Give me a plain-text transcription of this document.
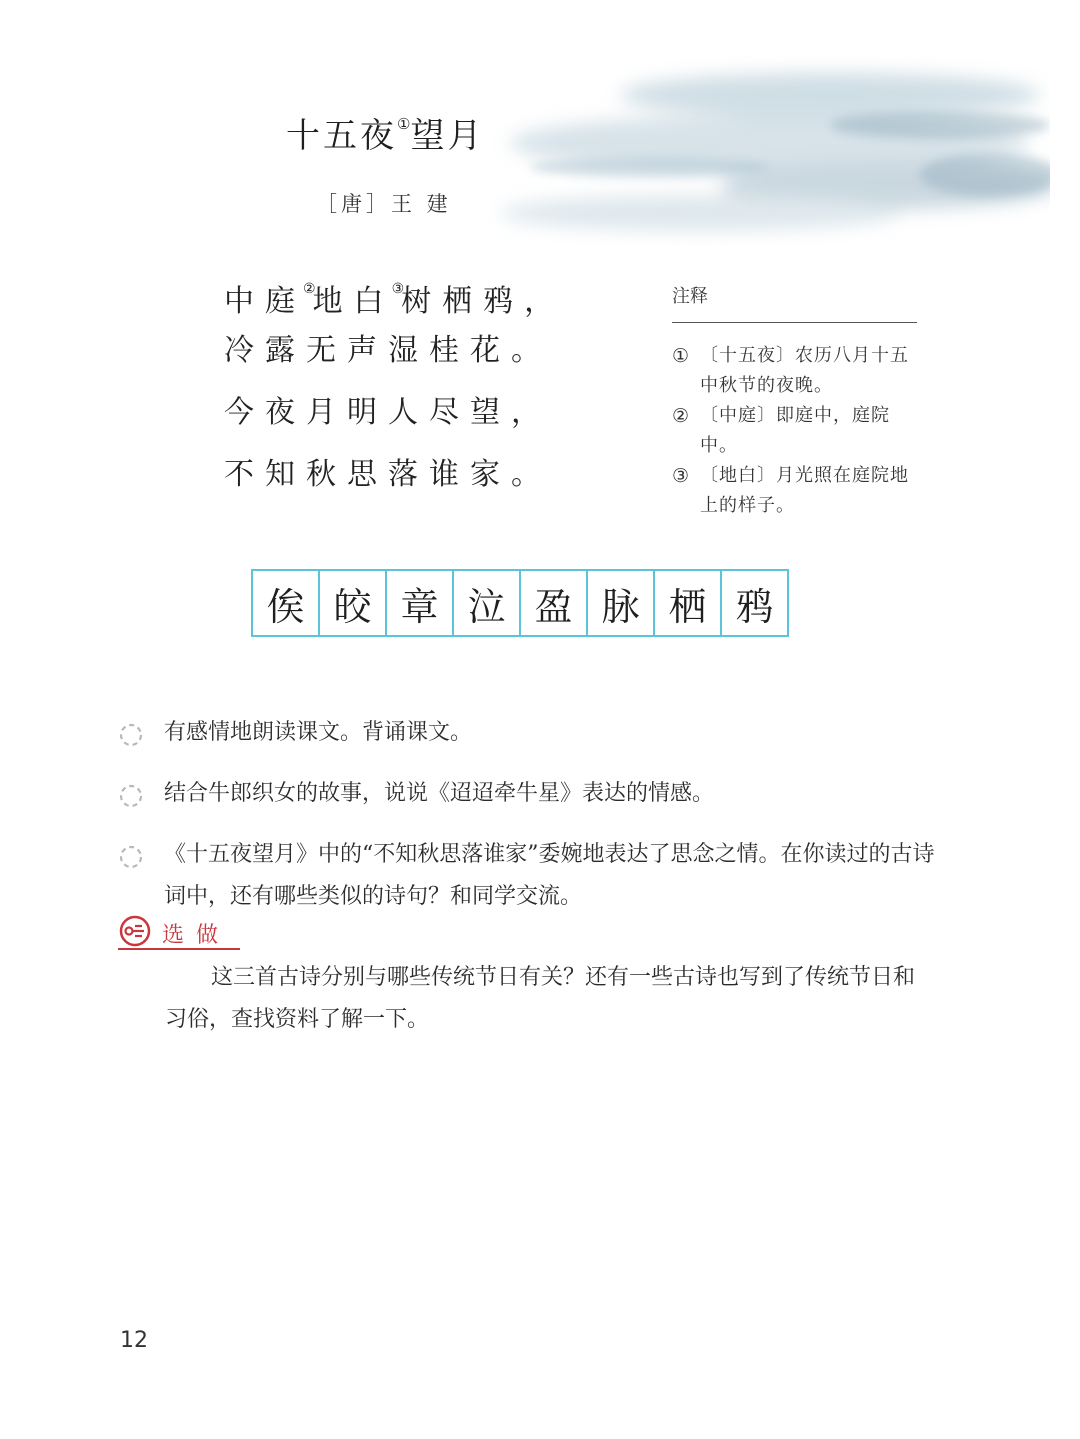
十五夜①望月
［唐］王 建
中庭②地白③树栖鸦，
冷露无声湿桂花。
今夜月明人尽望，
不知秋思落谁家。
注释
① 〔十五夜〕农历八月十五中秋节的夜晚。
② 〔中庭〕即庭中，庭院中。
③ 〔地白〕月光照在庭院地上的样子。
俟 皎 章 泣 盈 脉 栖 鸦
有感情地朗读课文。背诵课文。
结合牛郎织女的故事，说说《迢迢牵牛星》表达的情感。
《十五夜望月》中的“不知秋思落谁家”委婉地表达了思念之情。在你读过的古诗词中，还有哪些类似的诗句？和同学交流。
选做
这三首古诗分别与哪些传统节日有关？还有一些古诗也写到了传统节日和习俗，查找资料了解一下。
12
